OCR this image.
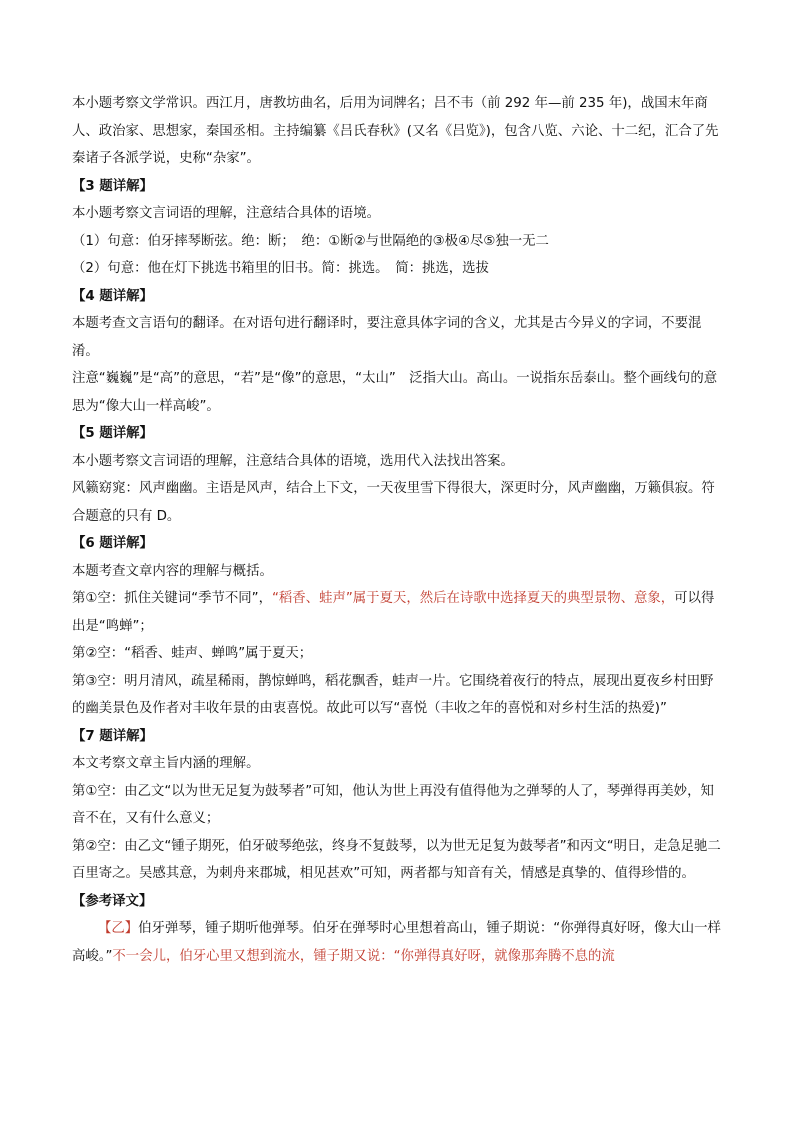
本小题考察文学常识。西江月，唐教坊曲名，后用为词牌名；吕不韦（前 292 年—前 235 年)，战国末年商人、政治家、思想家，秦国丞相。主持编纂《吕氏春秋》(又名《吕览》)，包含八览、六论、十二纪，汇合了先秦诸子各派学说，史称“杂家”。

【3 题详解】

本小题考察文言词语的理解，注意结合具体的语境。

（1）句意：伯牙摔琴断弦。绝：断；　绝：①断②与世隔绝的③极④尽⑤独一无二

（2）句意：他在灯下挑选书箱里的旧书。简：挑选。　简：挑选，选拔

【4 题详解】

本题考查文言语句的翻译。在对语句进行翻译时，要注意具体字词的含义，尤其是古今异义的字词，不要混淆。

注意“巍巍”是“高”的意思，“若”是“像”的意思，“太山”　泛指大山。高山。一说指东岳泰山。整个画线句的意思为“像大山一样高峻”。

【5 题详解】

本小题考察文言词语的理解，注意结合具体的语境，选用代入法找出答案。

风籁窈窕：风声幽幽。主语是风声，结合上下文，一天夜里雪下得很大，深更时分，风声幽幽，万籁俱寂。符合题意的只有 D。

【6 题详解】

本题考查文章内容的理解与概括。

第①空：抓住关键词“季节不同”，“稻香、蛙声”属于夏天，然后在诗歌中选择夏天的典型景物、意象，可以得出是“鸣蝉”；

第②空：“稻香、蛙声、蝉鸣”属于夏天；

第③空：明月清风，疏星稀雨，鹊惊蝉鸣，稻花飘香，蛙声一片。它围绕着夜行的特点，展现出夏夜乡村田野的幽美景色及作者对丰收年景的由衷喜悦。故此可以写“喜悦（丰收之年的喜悦和对乡村生活的热爱)”

【7 题详解】

本文考察文章主旨内涵的理解。

第①空：由乙文“以为世无足复为鼓琴者”可知，他认为世上再没有值得他为之弹琴的人了，琴弹得再美妙，知音不在，又有什么意义；

第②空：由乙文“锺子期死，伯牙破琴绝弦，终身不复鼓琴，以为世无足复为鼓琴者”和丙文“明日，走急足驰二百里寄之。吴感其意，为刺舟来郡城，相见甚欢”可知，两者都与知音有关，情感是真挚的、值得珍惜的。

【参考译文】

【乙】伯牙弹琴，锺子期听他弹琴。伯牙在弹琴时心里想着高山，锺子期说：“你弹得真好呀，像大山一样高峻。”不一会儿，伯牙心里又想到流水，锺子期又说：“你弹得真好呀，就像那奔腾不息的流
